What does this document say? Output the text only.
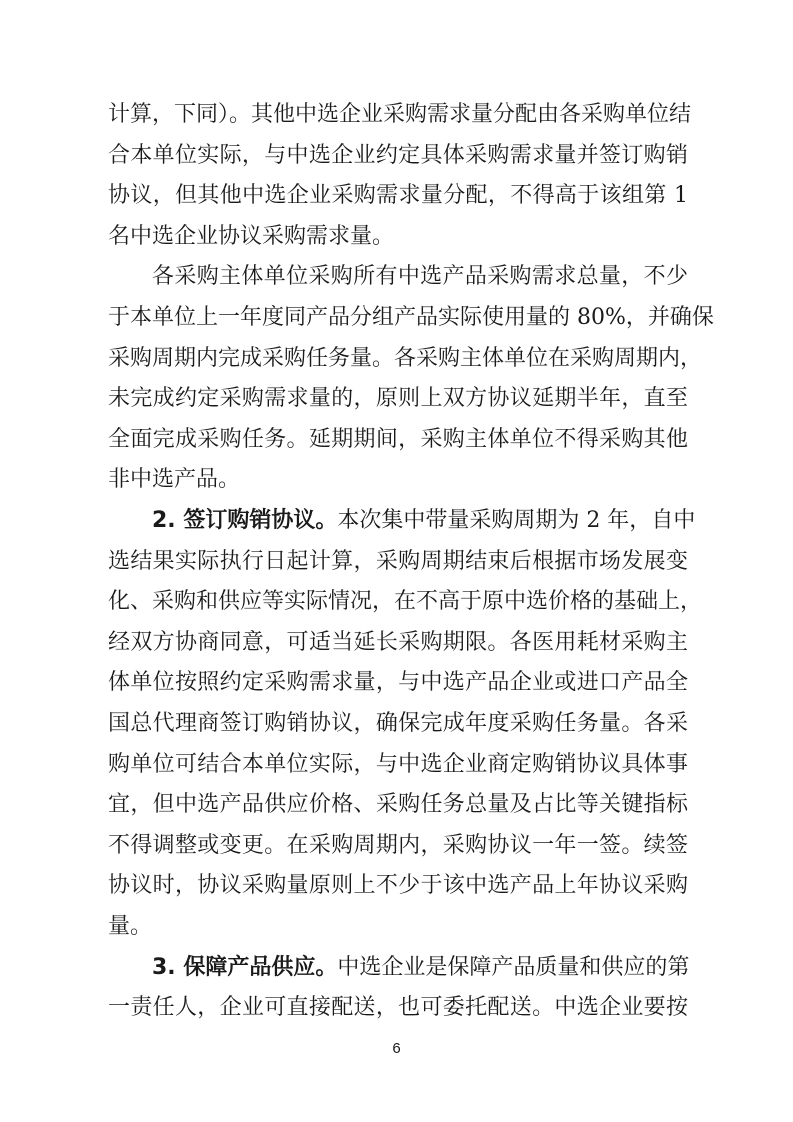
计算，下同）。其他中选企业采购需求量分配由各采购单位结
合本单位实际，与中选企业约定具体采购需求量并签订购销
协议，但其他中选企业采购需求量分配，不得高于该组第 1
名中选企业协议采购需求量。
各采购主体单位采购所有中选产品采购需求总量，不少
于本单位上一年度同产品分组产品实际使用量的 80%，并确保
采购周期内完成采购任务量。各采购主体单位在采购周期内，
未完成约定采购需求量的，原则上双方协议延期半年，直至
全面完成采购任务。延期期间，采购主体单位不得采购其他
非中选产品。
2. 签订购销协议。本次集中带量采购周期为 2 年，自中
选结果实际执行日起计算，采购周期结束后根据市场发展变
化、采购和供应等实际情况，在不高于原中选价格的基础上，
经双方协商同意，可适当延长采购期限。各医用耗材采购主
体单位按照约定采购需求量，与中选产品企业或进口产品全
国总代理商签订购销协议，确保完成年度采购任务量。各采
购单位可结合本单位实际，与中选企业商定购销协议具体事
宜，但中选产品供应价格、采购任务总量及占比等关键指标
不得调整或变更。在采购周期内，采购协议一年一签。续签
协议时，协议采购量原则上不少于该中选产品上年协议采购
量。
3. 保障产品供应。中选企业是保障产品质量和供应的第
一责任人，企业可直接配送，也可委托配送。中选企业要按
6
